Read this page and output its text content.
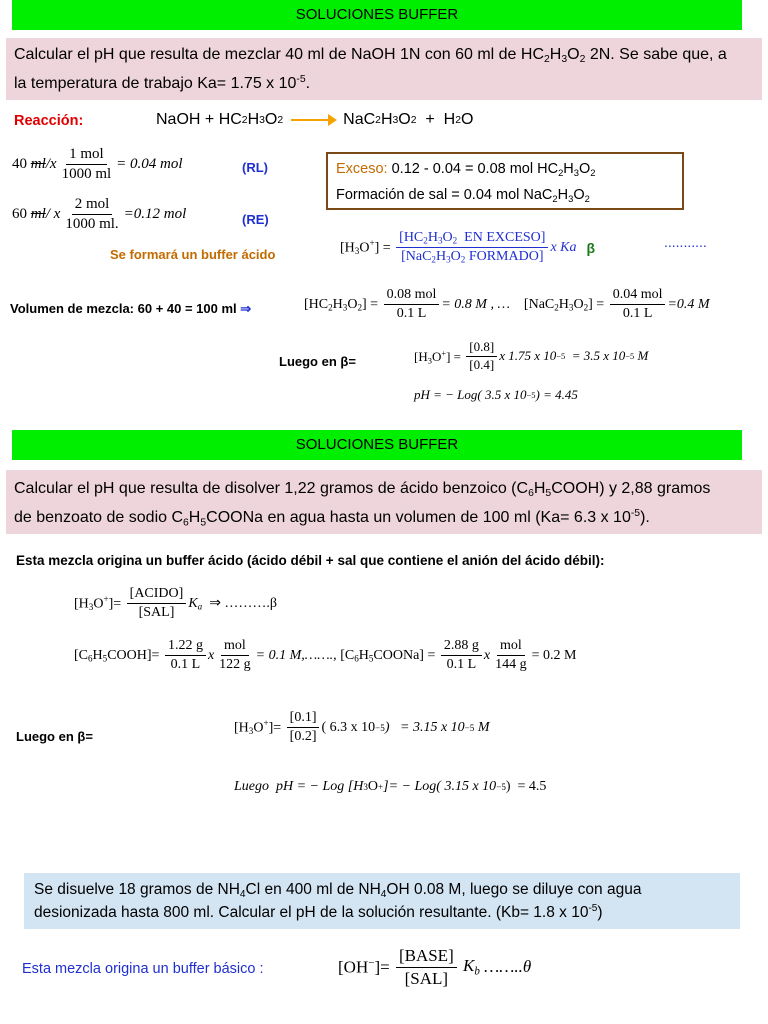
SOLUCIONES BUFFER
Calcular el pH que resulta de mezclar 40 ml de NaOH 1N con 60 ml de $HC_2H_3O_2$ 2N. Se sabe que, a
la temperatura de trabajo Ka= 1.75 x $10^{-5}$.
Reacción:	NaOH + HC 2 H 3 O 2 → NaC 2 H 3 O 2 +  H 2 O
40
ml $/x \frac{\text{1 mol}}{1000 ml} = 0.04$ mol	(RL)
60
ml / x $\frac{\text{2 mol}}{1000 ml.} =0.12$ mol	(RE)
Exceso: 0.12 - 0.04 = 0.08 mol $HC_2H_3O_2$
Formación de sal = 0.04 mol $NaC_2H_3O_2$
Se formará un buffer ácido	$[H_3O^+] = \frac{[HC_2H_3O_2 EN EXCESO]}{[NaC_2H_3O_2 FORMADO]}$ x Ka β	...........
Volumen de mezcla: 60 + 40 = 100 ml ⇒	$[HC_2H_3O_2] = \frac{\text{0.08 mol}}{0.1 L} = 0.8$ M , … $[NaC_2H_3O_2] = \frac{\text{0.04 mol}}{0.1 L} =0.4$ M
Luego en β=	$[H_3O^+] = \frac{[0.8]}{[0.4]}$ x 1.75 x 10 −5
= 3.5 x 10 −5 M
pH = − Log( 3.5 x 10 −5 ) = 4.45
SOLUCIONES BUFFER
Calcular el pH que resulta de disolver 1,22 gramos de ácido benzoico $(C_6H_5COOH)$ y 2,88 gramos
de benzoato de sodio $C_6H_5COONa$ en agua hasta un volumen de 100 ml (Ka= 6.3 x $10^{-5}$).
Esta mezcla origina un buffer ácido (ácido débil + sal que contiene el anión del ácido débil):
$[H_3O^+]= \frac{\text{[ACIDO]}}{\text{[SAL]}} K_a$ ⇒ ……….β
$[C_6H_5COOH]= \frac{1.22 g}{0.1 L}$ x $\frac{\text{mol}}{122 g} = 0.1$ M,……., $[C_6H_5COONa] = \frac{2.88 g}{0.1 L}$ x $\frac{\text{mol}}{144 g} = 0.2$ M
Luego en β=
$[H_3O^+]= \frac{[0.1]}{[0.2]}$ ( 6.3 x 10 −5 )   = 3.15 x 10 −5 M
Luego  pH = − Log [H 3 O + ]= − Log( 3.15 x 10 −5 )  = 4.5
Se disuelve 18 gramos de $NH_4Cl$ en 400 ml de $NH_4OH$ 0.08 M, luego se diluye con agua
desionizada hasta 800 ml. Calcular el pH de la solución resultante. (Kb= 1.8 x $10^{-5}$)
Esta mezcla origina un buffer básico :	$[OH^-]= \frac{\text{[BASE]}}{\text{[SAL]}} K_b$ ……..θ
